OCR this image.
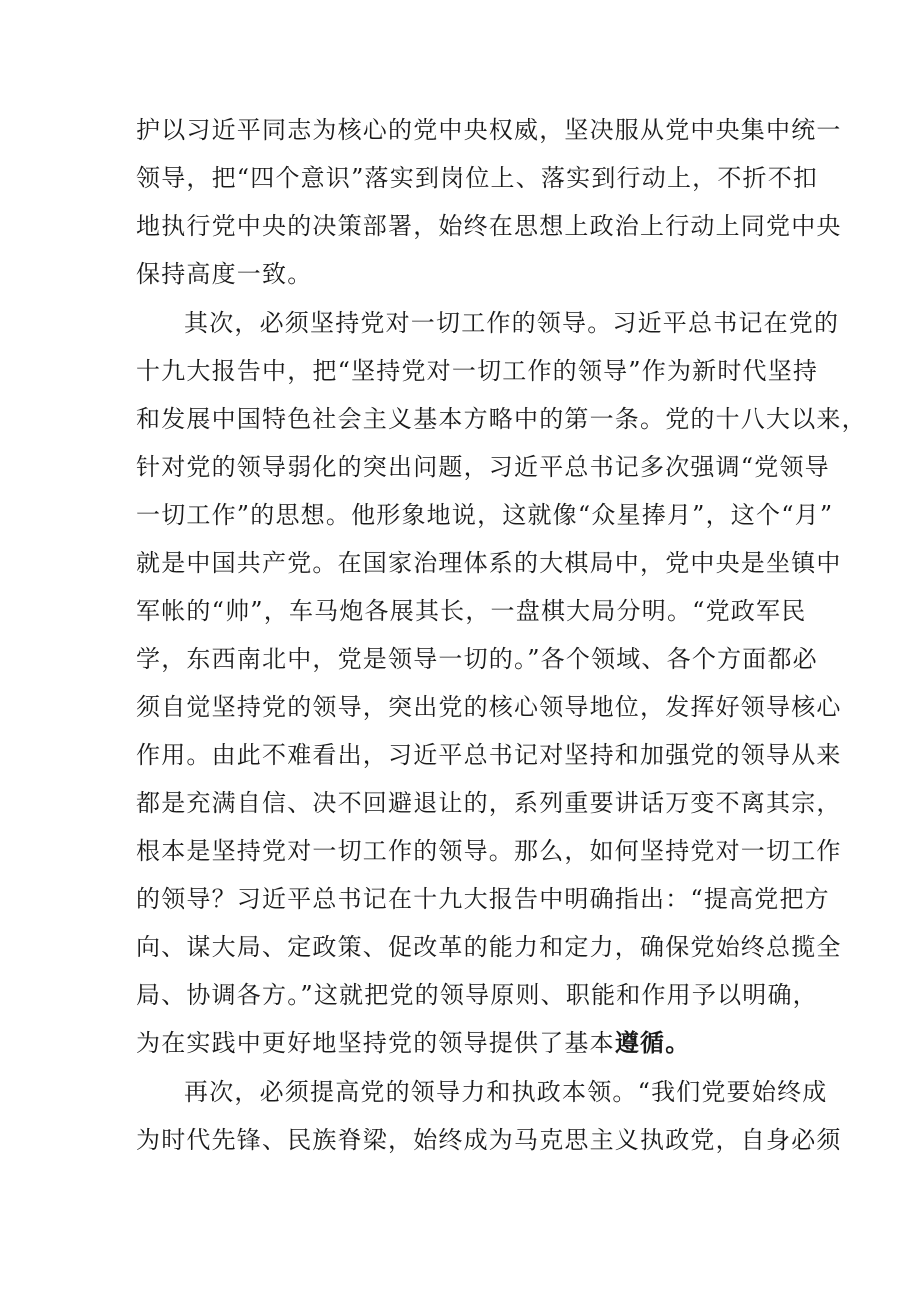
护以习近平同志为核心的党中央权威，坚决服从党中央集中统一
领导，把“四个意识”落实到岗位上、落实到行动上，不折不扣
地执行党中央的决策部署，始终在思想上政治上行动上同党中央
保持高度一致。
其次，必须坚持党对一切工作的领导。习近平总书记在党的
十九大报告中，把“坚持党对一切工作的领导”作为新时代坚持
和发展中国特色社会主义基本方略中的第一条。党的十八大以来，
针对党的领导弱化的突出问题，习近平总书记多次强调“党领导
一切工作”的思想。他形象地说，这就像“众星捧月”，这个“月”
就是中国共产党。在国家治理体系的大棋局中，党中央是坐镇中
军帐的“帅”，车马炮各展其长，一盘棋大局分明。“党政军民
学，东西南北中，党是领导一切的。”各个领域、各个方面都必
须自觉坚持党的领导，突出党的核心领导地位，发挥好领导核心
作用。由此不难看出，习近平总书记对坚持和加强党的领导从来
都是充满自信、决不回避退让的，系列重要讲话万变不离其宗，
根本是坚持党对一切工作的领导。那么，如何坚持党对一切工作
的领导？习近平总书记在十九大报告中明确指出：“提高党把方
向、谋大局、定政策、促改革的能力和定力，确保党始终总揽全
局、协调各方。”这就把党的领导原则、职能和作用予以明确，
为在实践中更好地坚持党的领导提供了基本遵循。
再次，必须提高党的领导力和执政本领。“我们党要始终成
为时代先锋、民族脊梁，始终成为马克思主义执政党，自身必须
